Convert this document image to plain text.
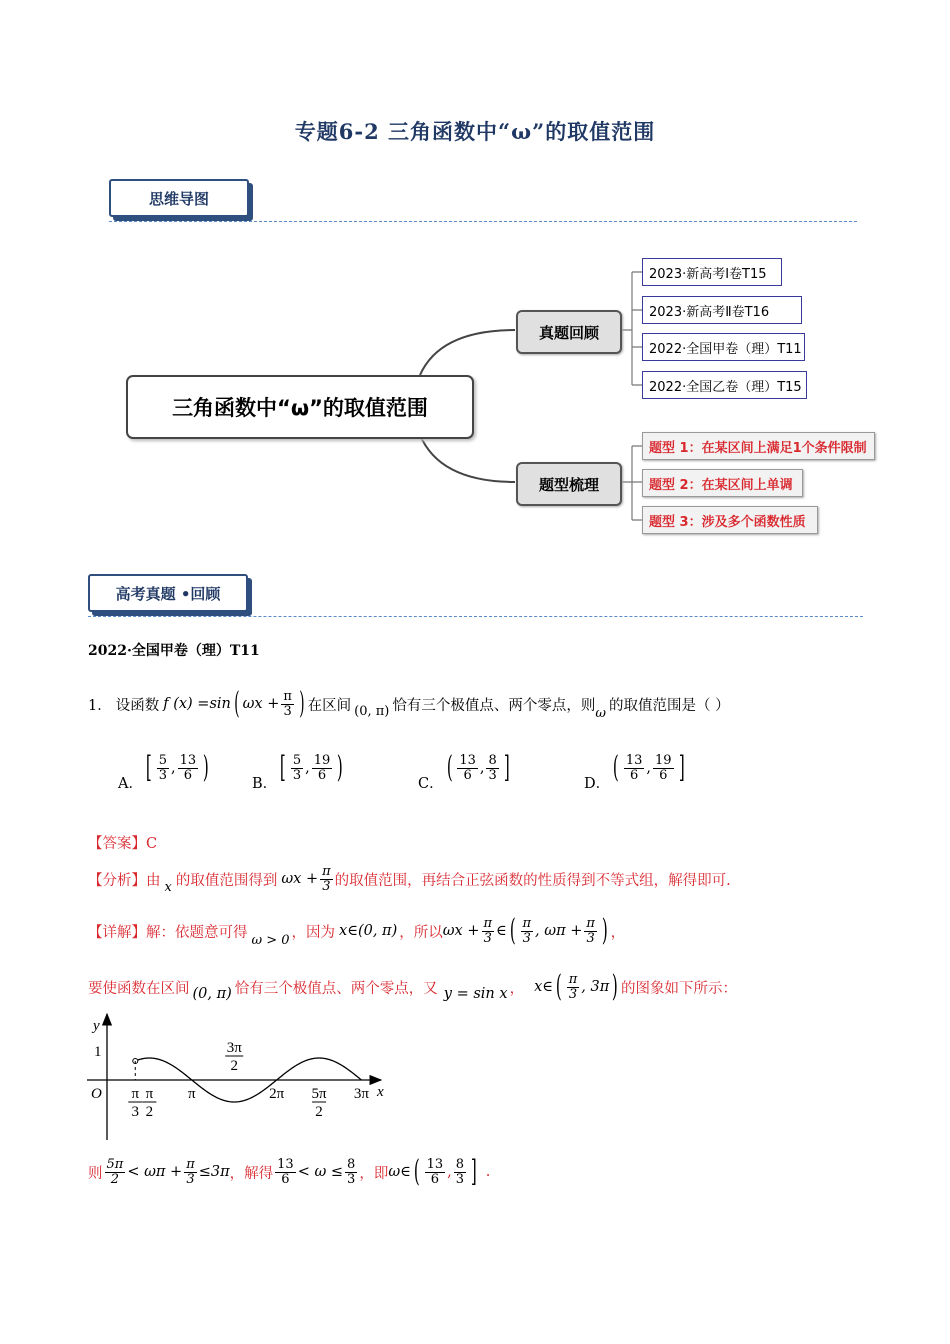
专题6-2 三角函数中“ω”的取值范围
思维导图
三角函数中“ω”的取值范围
真题回顾
题型梳理
2023·新高考Ⅰ卷T15
2023·新高考Ⅱ卷T16
2022·全国甲卷（理）T11
2022·全国乙卷（理）T15
题型 1：在某区间上满足1个条件限制
题型 2：在某区间上单调
题型 3：涉及多个函数性质
高考真题 •回顾
2022·全国甲卷（理）T11
1． 设函数 f (x) =sin ( $\omega x + \frac{\pi}{3}$ ) 在区间 (0, π) 恰有三个极值点、两个零点，则 ω 的取值范围是（ ）
A． [ $\frac{5}{3}$ , $\frac{13}{6}$ )	B． [ $\frac{5}{3}$ , $\frac{19}{6}$ )	C． ( $\frac{13}{6}$ , $\frac{8}{3}$ ]	D． ( $\frac{13}{6}$ , $\frac{19}{6}$ ]
【答案】C
【分析】 由 x 的取值范围得到 $\omega x + \frac{\pi}{3}$ 的取值范围，再结合正弦函数的性质得到不等式组，解得即可.
【详解】 解：依题意可得 ω > 0 ，因为 x∈(0, π) ，所以 $\omega x + \frac{\pi}{3}$ ∈ ( $\frac{\pi}{3}$ , $\omega\pi + \frac{\pi}{3}$ ) ，
要使函数在区间 (0, π) 恰有三个极值点、两个零点，又 y = sin x ， x∈ ( $\frac{\pi}{3}$ , 3π ) 的图象如下所示：
y
x
O
1
π
3
π
2
π	2π 5π
2
3π
3π
2
则 $\frac{5\pi}{2} < \omega\pi + \frac{\pi}{3} \le 3\pi$ ，解得 $\frac{13}{6} < \omega \le \frac{8}{3}$ ，即 ω∈ ( $\frac{13}{6}$ , $\frac{8}{3}$ ] .
